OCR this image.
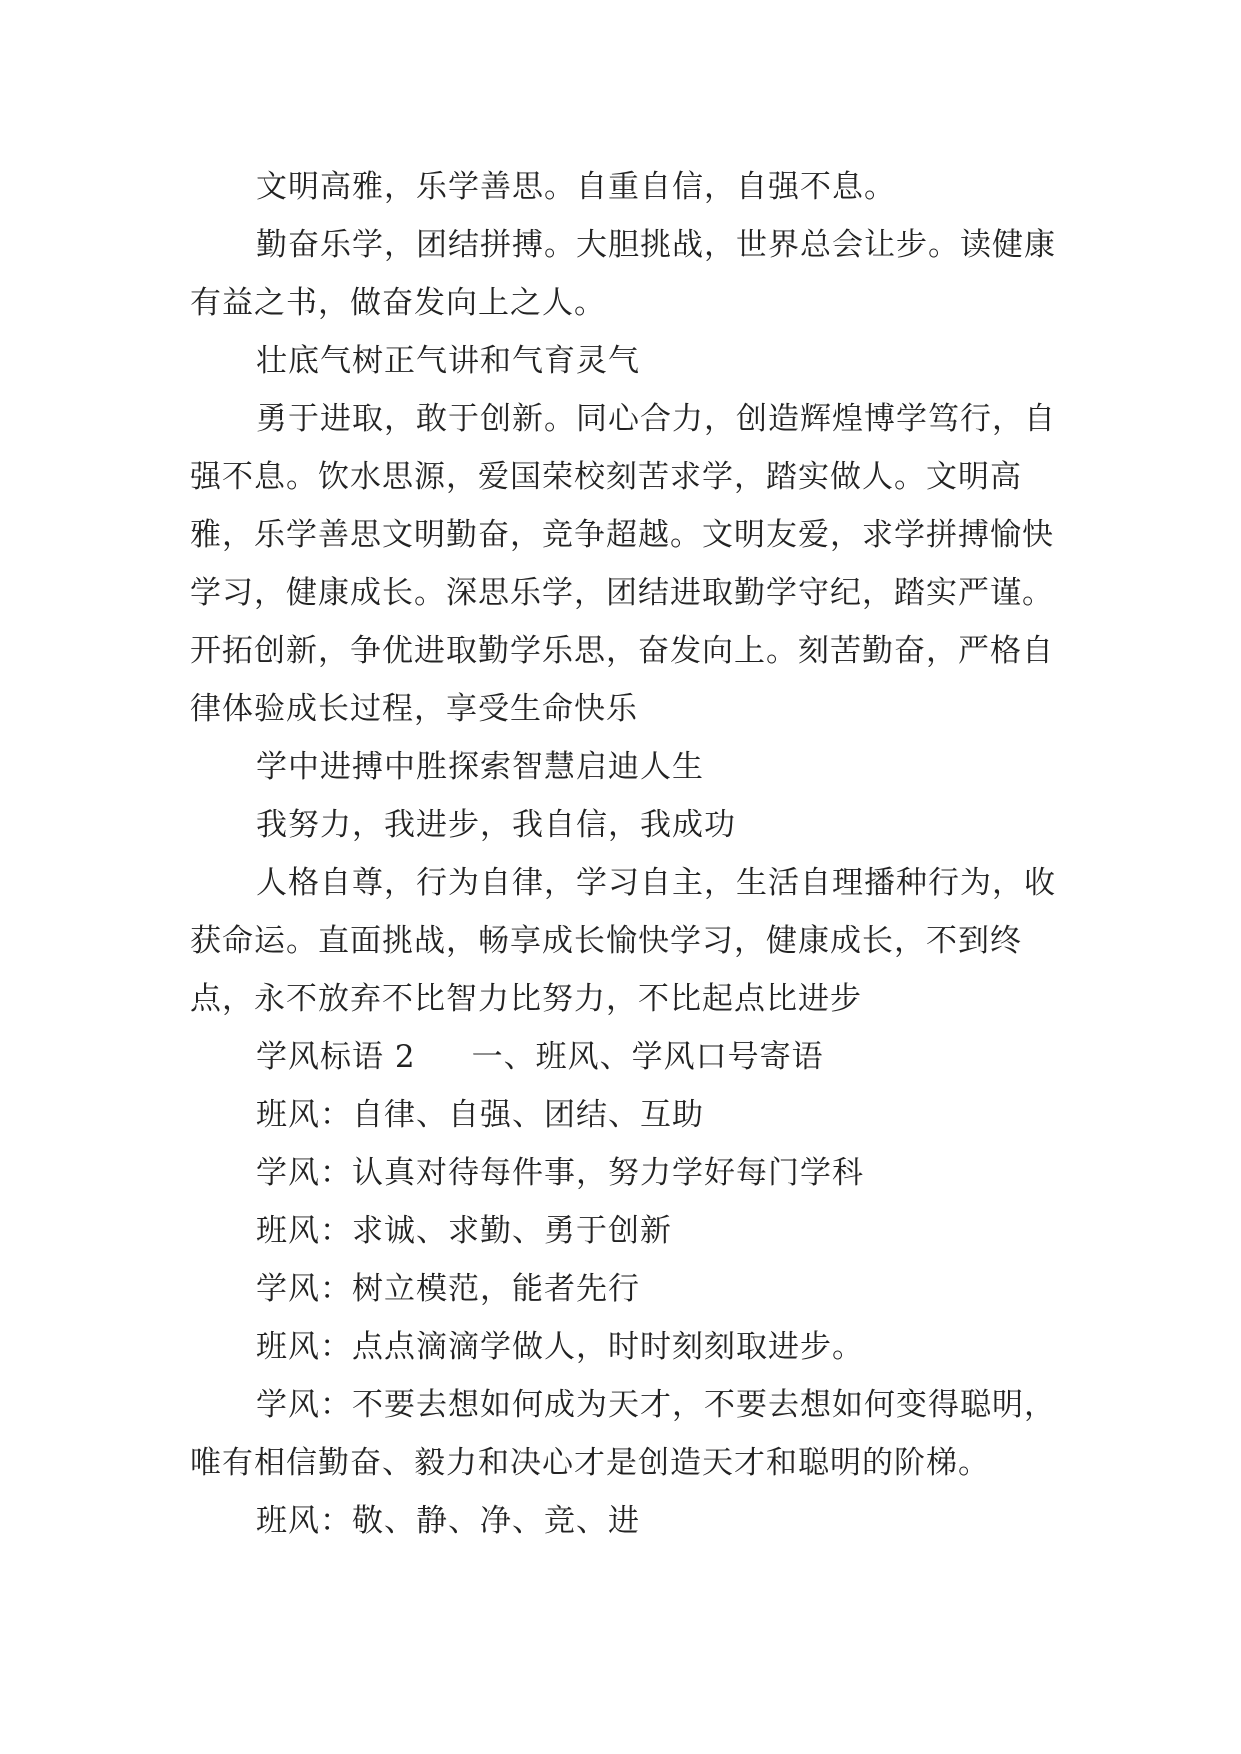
文明高雅，乐学善思。自重自信，自强不息。

勤奋乐学，团结拼搏。大胆挑战，世界总会让步。读健康有益之书，做奋发向上之人。

壮底气树正气讲和气育灵气

勇于进取，敢于创新。同心合力，创造辉煌博学笃行，自强不息。饮水思源，爱国荣校刻苦求学，踏实做人。文明高雅，乐学善思文明勤奋，竞争超越。文明友爱，求学拼搏愉快学习，健康成长。深思乐学，团结进取勤学守纪，踏实严谨。开拓创新，争优进取勤学乐思，奋发向上。刻苦勤奋，严格自律体验成长过程，享受生命快乐

学中进搏中胜探索智慧启迪人生

我努力，我进步，我自信，我成功

人格自尊，行为自律，学习自主，生活自理播种行为，收获命运。直面挑战，畅享成长愉快学习，健康成长，不到终点，永不放弃不比智力比努力，不比起点比进步

学风标语 2 一、班风、学风口号寄语

班风：自律、自强、团结、互助

学风：认真对待每件事，努力学好每门学科

班风：求诚、求勤、勇于创新

学风：树立模范，能者先行

班风：点点滴滴学做人，时时刻刻取进步。

学风：不要去想如何成为天才，不要去想如何变得聪明，唯有相信勤奋、毅力和决心才是创造天才和聪明的阶梯。

班风：敬、静、净、竞、进
